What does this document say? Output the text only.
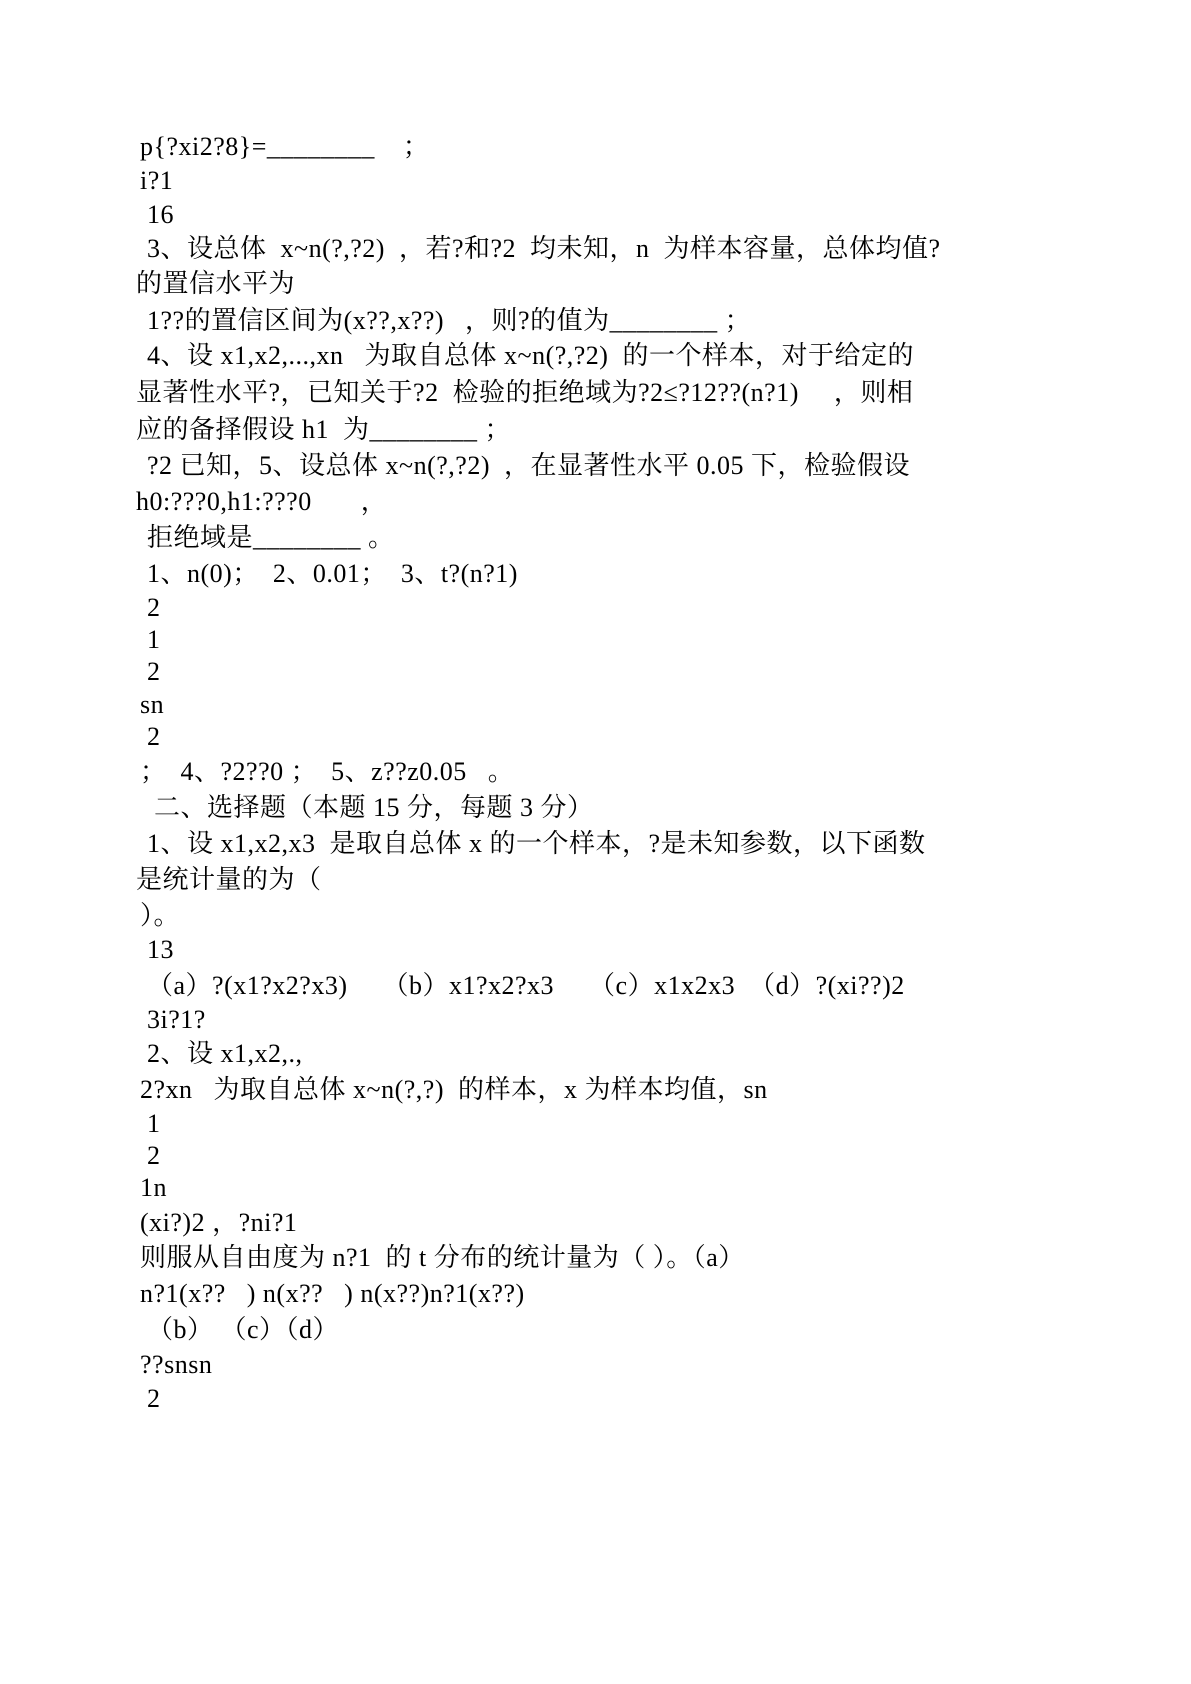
p{?xi2?8}=________    ；
i?1
16
3、设总体  x~n(?,?2)  ，若?和?2  均未知，n  为样本容量，总体均值?
的置信水平为
1??的置信区间为(x??,x??)   ，则?的值为________ ；
4、设 x1,x2,...,xn   为取自总体 x~n(?,?2)  的一个样本，对于给定的
显著性水平?，已知关于?2  检验的拒绝域为?2≤?12??(n?1)     ，则相
应的备择假设 h1  为________ ；
?2 已知，5、设总体 x~n(?,?2)  ，在显著性水平 0.05 下，检验假设
h0:???0,h1:???0       ，
拒绝域是________ 。
1、n(0)；  2、0.01；  3、t?(n?1)
2
1
2
sn
2
；  4、?2??0 ；  5、z??z0.05   。
二、选择题（本题 15 分，每题 3 分）
1、设 x1,x2,x3  是取自总体 x 的一个样本，?是未知参数，以下函数
是统计量的为（
）。
13
（a）?(x1?x2?x3)     （b）x1?x2?x3     （c）x1x2x3  （d）?(xi??)2
3i?1?
2、设 x1,x2,.,
2?xn   为取自总体 x~n(?,?)  的样本，x 为样本均值，sn
1
2
1n
(xi?)2 ，?ni?1
则服从自由度为 n?1  的 t 分布的统计量为（ ）。（a）
n?1(x??   ) n(x??   ) n(x??)n?1(x??)
（b） （c）（d）
??snsn
2
